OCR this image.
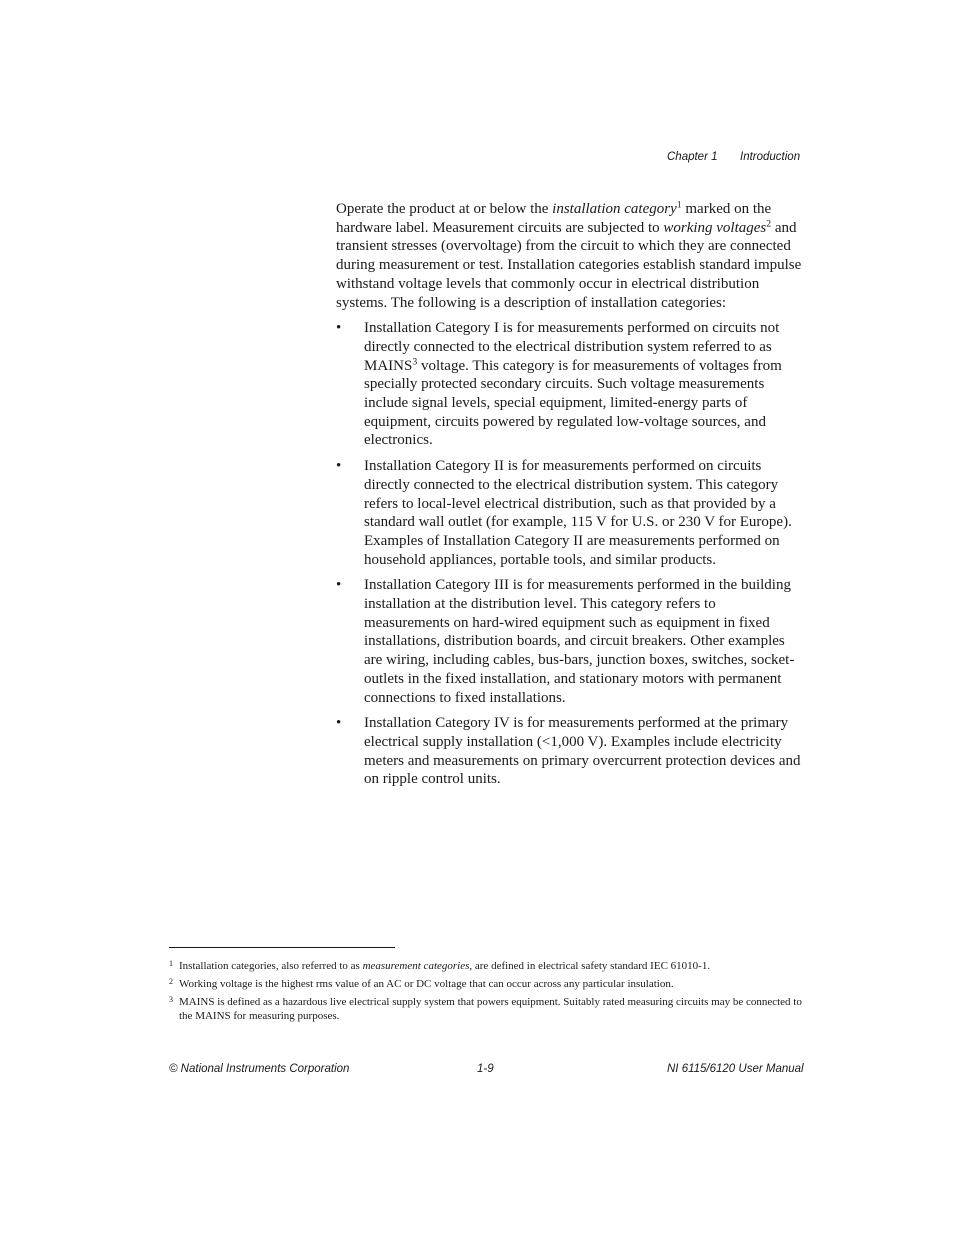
Chapter 1 Introduction

Operate the product at or below the installation category$^1$ marked on the hardware label. Measurement circuits are subjected to working voltages$^2$ and transient stresses (overvoltage) from the circuit to which they are connected during measurement or test. Installation categories establish standard impulse withstand voltage levels that commonly occur in electrical distribution systems. The following is a description of installation categories:

• Installation Category I is for measurements performed on circuits not directly connected to the electrical distribution system referred to as MAINS$^3$ voltage. This category is for measurements of voltages from specially protected secondary circuits. Such voltage measurements include signal levels, special equipment, limited-energy parts of equipment, circuits powered by regulated low-voltage sources, and electronics.
• Installation Category II is for measurements performed on circuits directly connected to the electrical distribution system. This category refers to local-level electrical distribution, such as that provided by a standard wall outlet (for example, 115 V for U.S. or 230 V for Europe). Examples of Installation Category II are measurements performed on household appliances, portable tools, and similar products.
• Installation Category III is for measurements performed in the building installation at the distribution level. This category refers to measurements on hard-wired equipment such as equipment in fixed installations, distribution boards, and circuit breakers. Other examples are wiring, including cables, bus-bars, junction boxes, switches, socket-outlets in the fixed installation, and stationary motors with permanent connections to fixed installations.
• Installation Category IV is for measurements performed at the primary electrical supply installation (<1,000 V). Examples include electricity meters and measurements on primary overcurrent protection devices and on ripple control units.
1 Installation categories, also referred to as measurement categories, are defined in electrical safety standard IEC 61010-1.
2 Working voltage is the highest rms value of an AC or DC voltage that can occur across any particular insulation.
3 MAINS is defined as a hazardous live electrical supply system that powers equipment. Suitably rated measuring circuits may be connected to the MAINS for measuring purposes.
© National Instruments Corporation	1-9	NI 6115/6120 User Manual
